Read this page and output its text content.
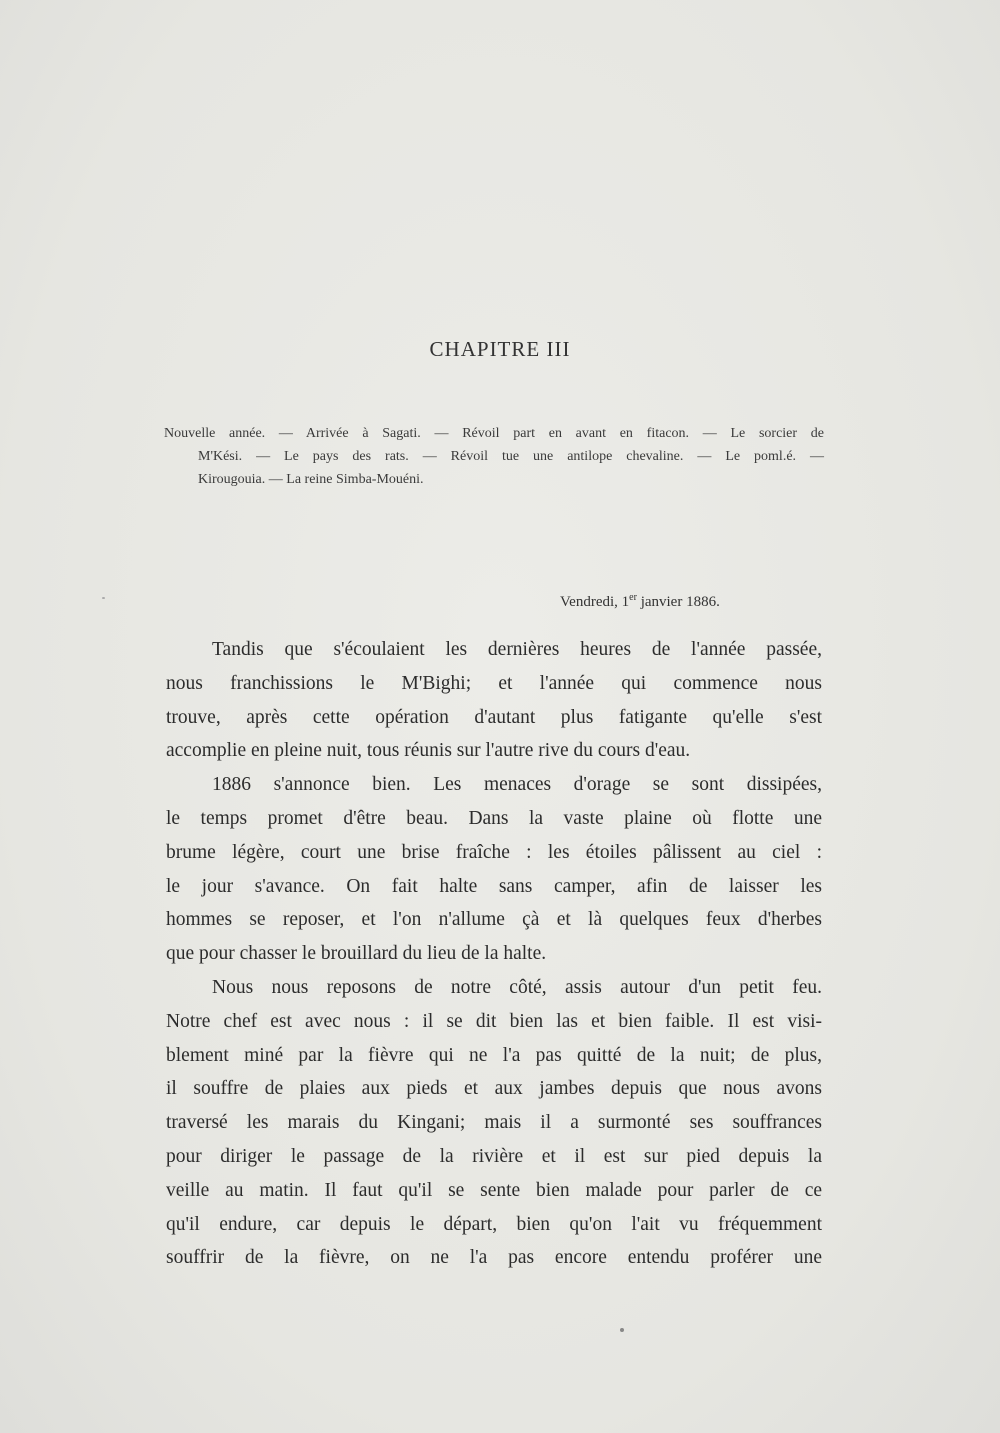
CHAPITRE III
Nouvelle année. — Arrivée à Sagati. — Révoil part en avant en fitacon. — Le sorcier de
M'Kési. — Le pays des rats. — Révoil tue une antilope chevaline. — Le poml.é. —
Kirougouia. — La reine Simba-Mouéni.
Vendredi, 1er janvier 1886.
Tandis que s'écoulaient les dernières heures de l'année passée,
nous franchissions le M'Bighi; et l'année qui commence nous
trouve, après cette opération d'autant plus fatigante qu'elle s'est
accomplie en pleine nuit, tous réunis sur l'autre rive du cours d'eau.
1886 s'annonce bien. Les menaces d'orage se sont dissipées,
le temps promet d'être beau. Dans la vaste plaine où flotte une
brume légère, court une brise fraîche : les étoiles pâlissent au ciel :
le jour s'avance. On fait halte sans camper, afin de laisser les
hommes se reposer, et l'on n'allume çà et là quelques feux d'herbes
que pour chasser le brouillard du lieu de la halte.
Nous nous reposons de notre côté, assis autour d'un petit feu.
Notre chef est avec nous : il se dit bien las et bien faible. Il est visi-
blement miné par la fièvre qui ne l'a pas quitté de la nuit; de plus,
il souffre de plaies aux pieds et aux jambes depuis que nous avons
traversé les marais du Kingani; mais il a surmonté ses souffrances
pour diriger le passage de la rivière et il est sur pied depuis la
veille au matin. Il faut qu'il se sente bien malade pour parler de ce
qu'il endure, car depuis le départ, bien qu'on l'ait vu fréquemment
souffrir de la fièvre, on ne l'a pas encore entendu proférer une
